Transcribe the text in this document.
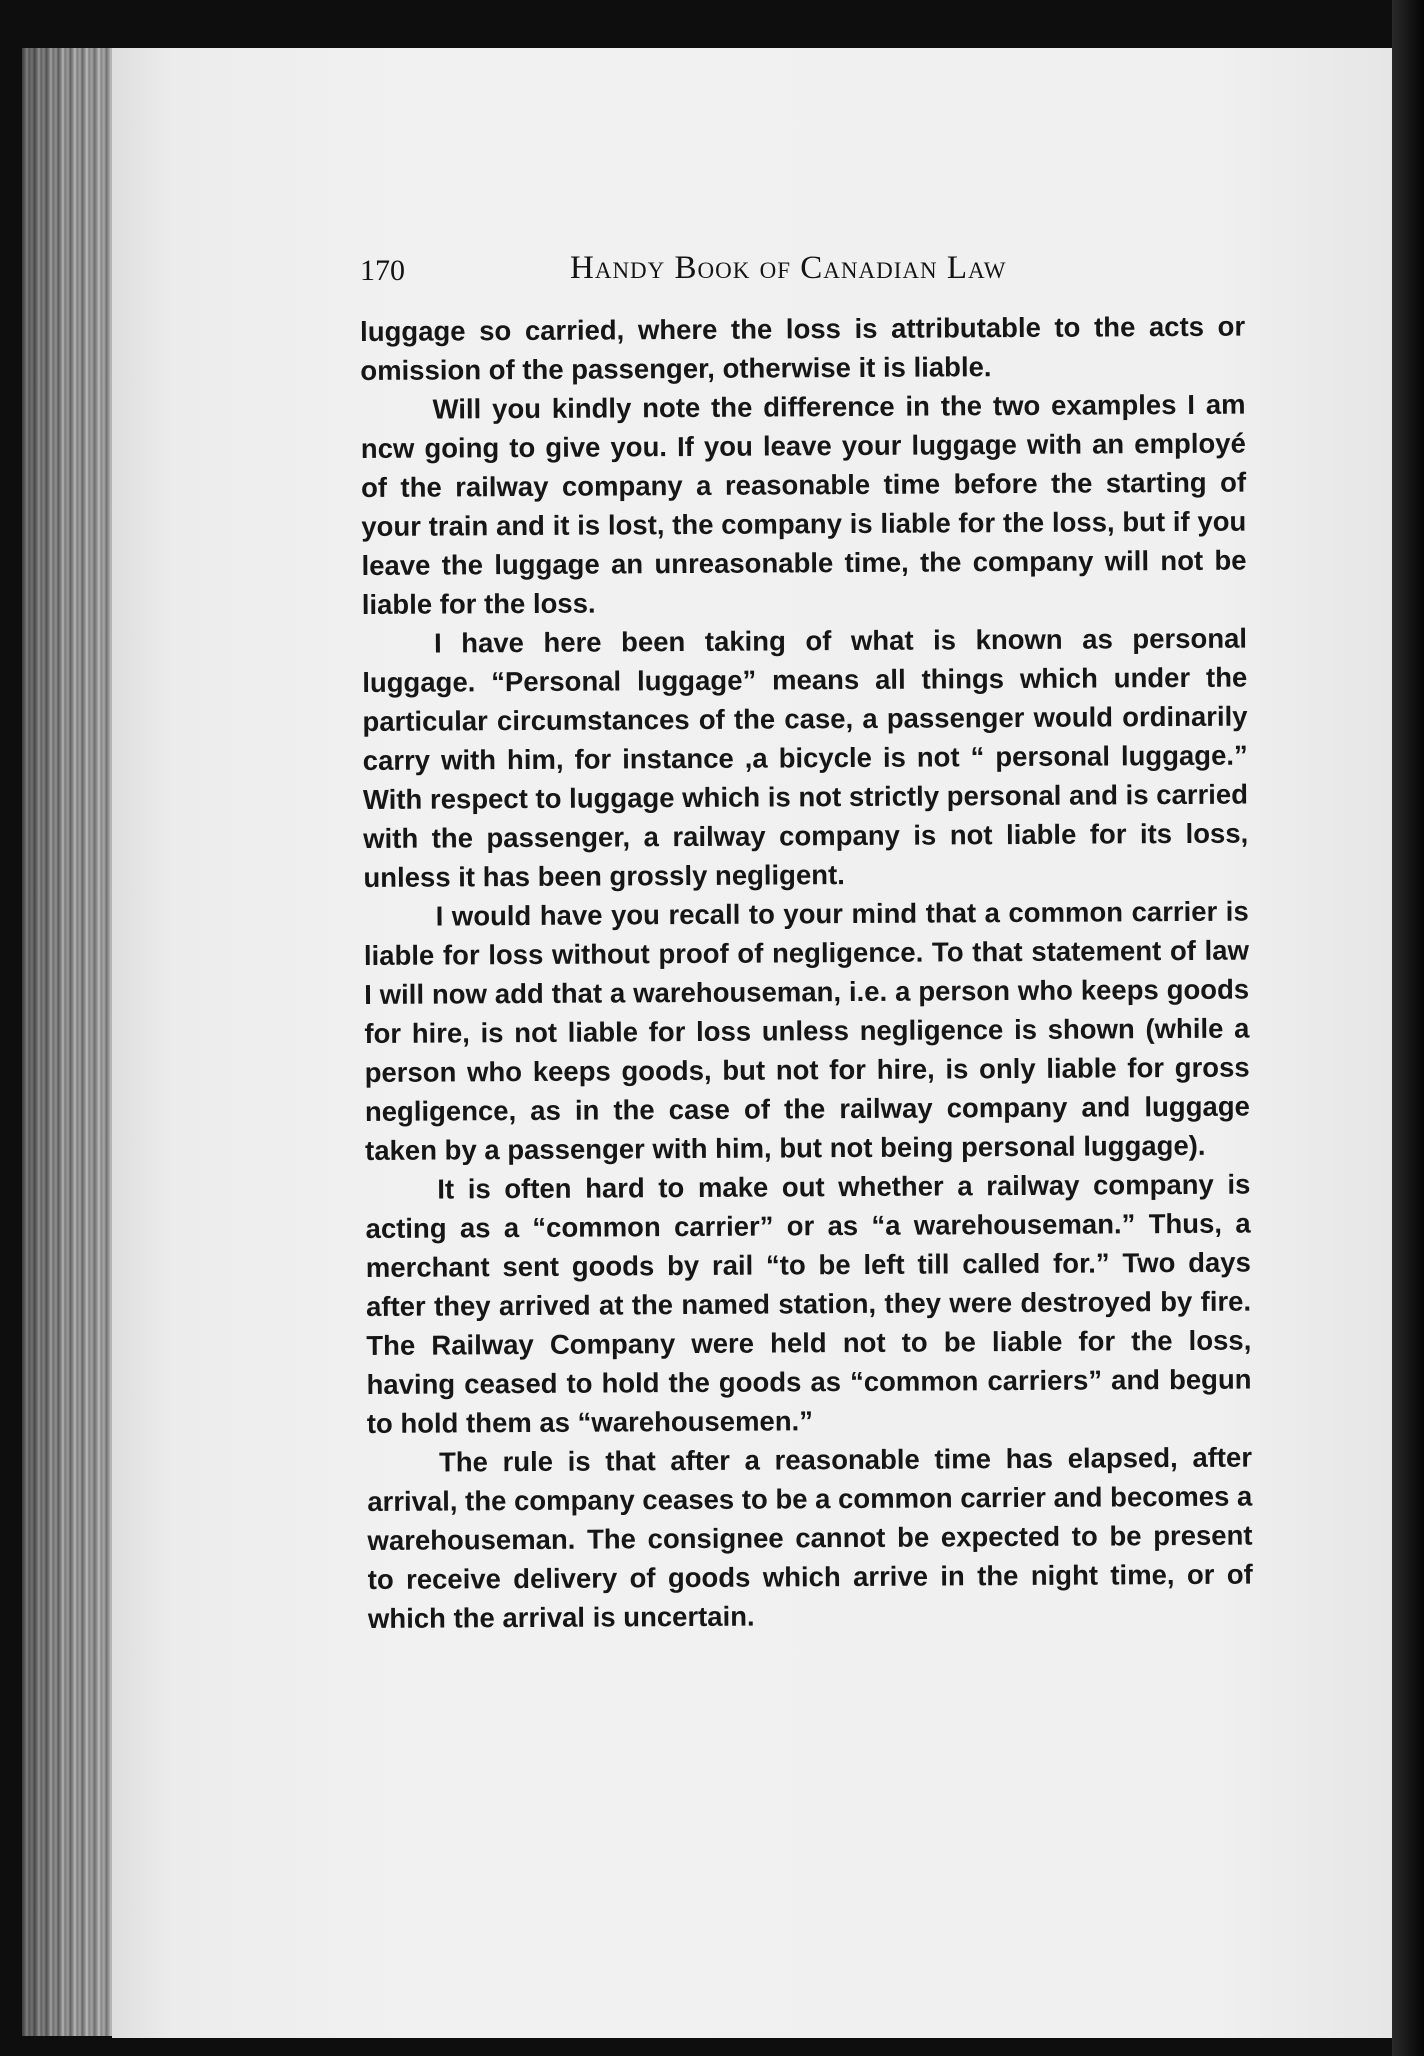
170	Handy Book of Canadian Law

luggage so carried, where the loss is attributable to the acts or omission of the passenger, otherwise it is liable.

Will you kindly note the difference in the two examples I am ncw going to give you. If you leave your luggage with an employé of the railway company a reasonable time before the starting of your train and it is lost, the company is liable for the loss, but if you leave the luggage an unreasonable time, the company will not be liable for the loss.

I have here been taking of what is known as personal luggage. “Personal luggage” means all things which under the particular circumstances of the case, a passenger would ordinarily carry with him, for instance ,a bicycle is not “ personal luggage.” With respect to luggage which is not strictly personal and is carried with the passenger, a railway company is not liable for its loss, unless it has been grossly negligent.

I would have you recall to your mind that a common carrier is liable for loss without proof of negligence. To that statement of law I will now add that a warehouseman, i.e. a person who keeps goods for hire, is not liable for loss unless negligence is shown (while a person who keeps goods, but not for hire, is only liable for gross negligence, as in the case of the railway company and luggage taken by a passenger with him, but not being personal luggage).

It is often hard to make out whether a railway company is acting as a “common carrier” or as “a warehouseman.” Thus, a merchant sent goods by rail “to be left till called for.” Two days after they arrived at the named station, they were destroyed by fire. The Railway Company were held not to be liable for the loss, having ceased to hold the goods as “common carriers” and begun to hold them as “warehousemen.”

The rule is that after a reasonable time has elapsed, after arrival, the company ceases to be a common carrier and becomes a warehouseman. The consignee cannot be expected to be present to receive delivery of goods which arrive in the night time, or of which the arrival is uncertain.
